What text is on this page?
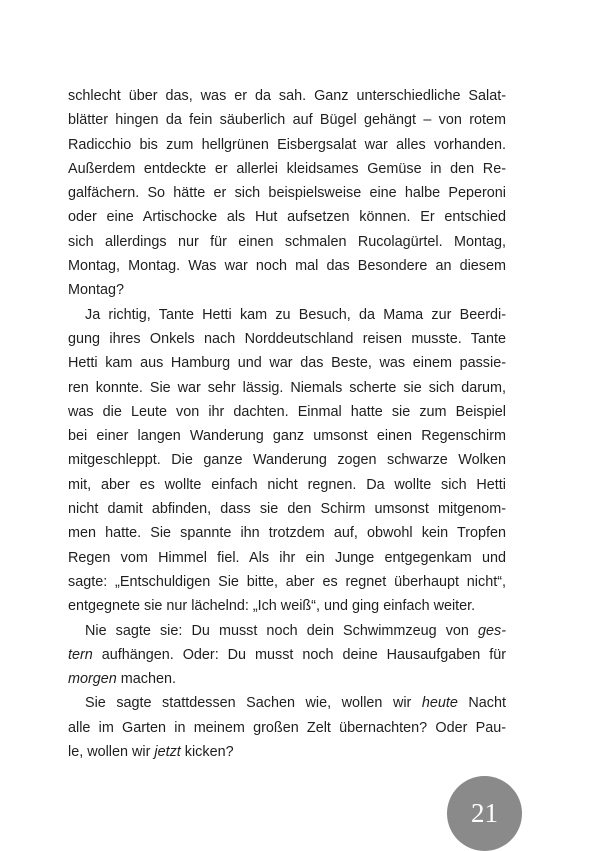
schlecht über das, was er da sah. Ganz unterschiedliche Salat-
blätter hingen da fein säuberlich auf Bügel gehängt – von rotem
Radicchio bis zum hellgrünen Eisbergsalat war alles vorhanden.
Außerdem entdeckte er allerlei kleidsames Gemüse in den Re-
galfächern. So hätte er sich beispielsweise eine halbe Peperoni
oder eine Artischocke als Hut aufsetzen können. Er entschied
sich allerdings nur für einen schmalen Rucolagürtel. Montag,
Montag, Montag. Was war noch mal das Besondere an diesem
Montag?
Ja richtig, Tante Hetti kam zu Besuch, da Mama zur Beerdi-
gung ihres Onkels nach Norddeutschland reisen musste. Tante
Hetti kam aus Hamburg und war das Beste, was einem passie-
ren konnte. Sie war sehr lässig. Niemals scherte sie sich darum,
was die Leute von ihr dachten. Einmal hatte sie zum Beispiel
bei einer langen Wanderung ganz umsonst einen Regenschirm
mitgeschleppt. Die ganze Wanderung zogen schwarze Wolken
mit, aber es wollte einfach nicht regnen. Da wollte sich Hetti
nicht damit abfinden, dass sie den Schirm umsonst mitgenom-
men hatte. Sie spannte ihn trotzdem auf, obwohl kein Tropfen
Regen vom Himmel fiel. Als ihr ein Junge entgegenkam und
sagte: „Entschuldigen Sie bitte, aber es regnet überhaupt nicht“,
entgegnete sie nur lächelnd: „Ich weiß“, und ging einfach weiter.
Nie sagte sie: Du musst noch dein Schwimmzeug von ges-
tern aufhängen. Oder: Du musst noch deine Hausaufgaben für
morgen machen.
Sie sagte stattdessen Sachen wie, wollen wir heute Nacht
alle im Garten in meinem großen Zelt übernachten? Oder Pau-
le, wollen wir jetzt kicken?
21
